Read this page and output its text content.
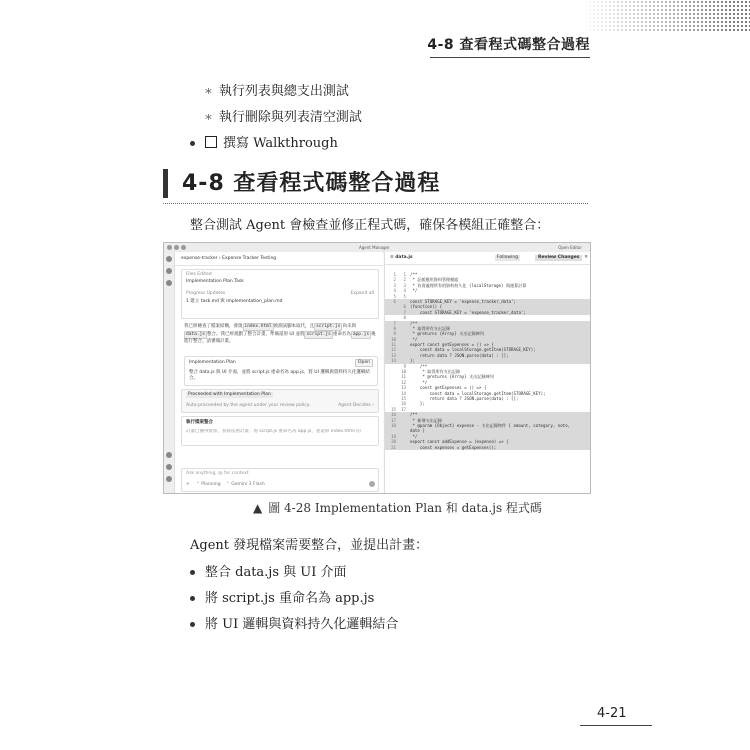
4-8 查看程式碼整合過程
∗ 執行列表與總支出測試
∗ 執行刪除與列表清空測試
撰寫 Walkthrough
4-8 查看程式碼整合過程
整合測試 Agent 會檢查並修正程式碼，確保各模組正確整合：
Agent Manager	Open Editor
expense-tracker › Expense Tracker Testing
Files Edited
Implementation Plan Task
Progress Updates	Expand all
1 建立 task.md 與 implementation_plan.md
我已經檢查了檔案結構，發現 index.html 被測試腳本取代，且 script.js 尚未與data.js 整合。我已經規劃了整合計畫，準備還原 UI 並將 script.js 重命名為 app.js 後進行整合。請審閱計畫。
Implementation Plan	Open
整合 data.js 與 UI 介面，並將 script.js 重命名為 app.js，將 UI 邏輯與資料持久化邏輯結合。
Proceeded with Implementation Plan
Auto-proceeded by the agent under your review policy.	Agent Decides ›
執行檔案整合
計畫已獲得批准，我將依照計畫：將 script.js 重命名為 app.js，並還原 index.html 的
Ask anything, @ for context
+ ⌃ Planning ⌃ Gemini 3 Flash
≡ data.js	Following	Review Changes	✕
1	1 /**
2	2 * 記帳應用資料管理模組
3	3 * 負責處理所有的資料持久化 (localStorage) 與運算計算
4	4 */
5	5
6	const STORAGE_KEY = 'expense_tracker_data';
6 (function() {
7 const STORAGE_KEY = 'expense_tracker_data';
8
7	/**
8	* 取得所有支出記錄
9	* @returns {Array} 支出記錄陣列
10	*/
11	export const getExpenses = () => {
12	const data = localStorage.getItem(STORAGE_KEY);
13	return data ? JSON.parse(data) : [];
14	};
9 /**
10 * 取得所有支出記錄
11 * @returns {Array} 支出記錄陣列
12 */
13 const getExpenses = () => {
14 const data = localStorage.getItem(STORAGE_KEY);
15 return data ? JSON.parse(data) : [];
16 };
15	17
16	/**
17	* 新增支出記錄
18	* @param {Object} expense - 支出記錄物件 { amount, category, note,
date }
19	*/
20	export const addExpense = (expense) => {
21	const expenses = getExpenses();
▲ 圖 4-28 Implementation Plan 和 data.js 程式碼
Agent 發現檔案需要整合，並提出計畫：
整合 data.js 與 UI 介面
將 script.js 重命名為 app.js
將 UI 邏輯與資料持久化邏輯結合
4-21
